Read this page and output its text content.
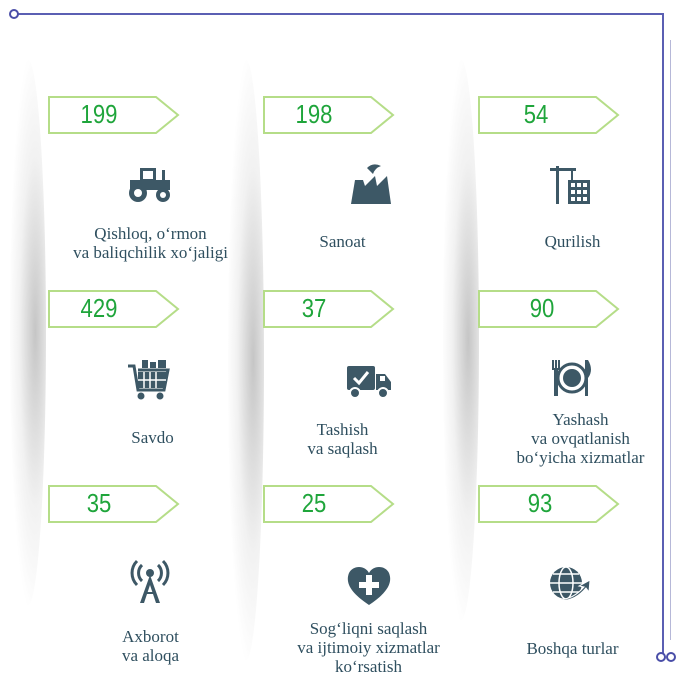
199
Qishloq, o‘rmon
va baliqchilik xo‘jaligi
198
Sanoat
54
Qurilish
429
Savdo
37
Tashish
va saqlash
90
Yashash
va ovqatlanish
bo‘yicha xizmatlar
35
Axborot
va aloqa
25
Sog‘liqni saqlash
va ijtimoiy xizmatlar
ko‘rsatish
93
Boshqa turlar
